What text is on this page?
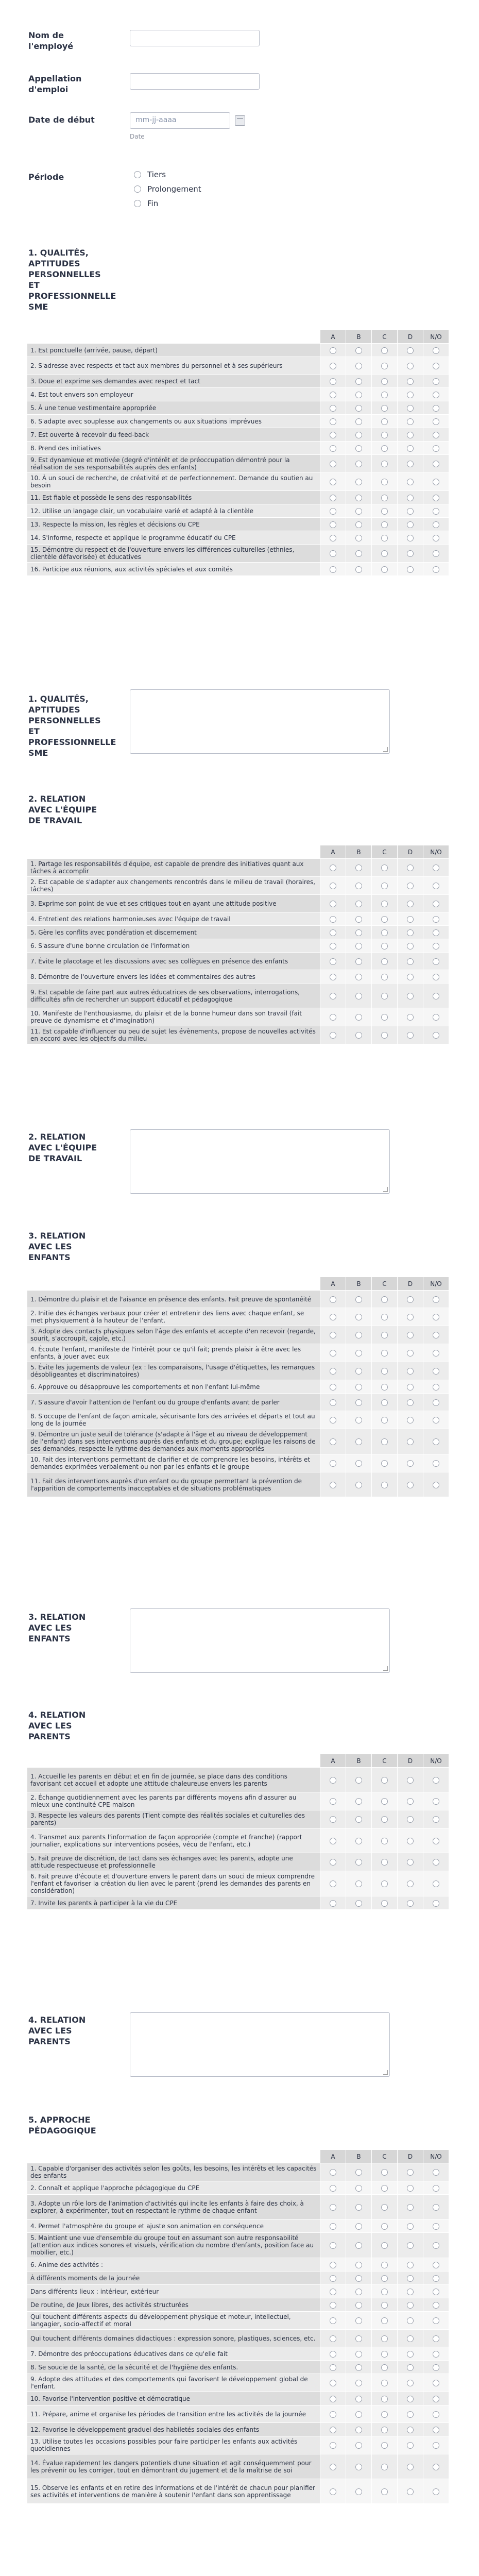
Nom de l'employé
Appellation d'emploi
Date de début	mm-jj-aaaa
Date
Période	Tiers
Prolongement
Fin
1. QUALITÉS,
APTITUDES
PERSONNELLES
ET
PROFESSIONNELLE
SME
	A	B	C	D	N/O
1. Est ponctuelle (arrivée, pause, départ)					
2. S'adresse avec respects et tact aux membres du personnel et à ses supérieurs					
3. Doue et exprime ses demandes avec respect et tact					
4. Est tout envers son employeur					
5. À une tenue vestimentaire appropriée					
6. S'adapte avec souplesse aux changements ou aux situations imprévues					
7. Est ouverte à recevoir du feed-back					
8. Prend des initiatives					
9. Est dynamique et motivée (degré d'intérêt et de préoccupation démontré pour la réalisation de ses responsabilités auprès des enfants)					
10. À un souci de recherche, de créativité et de perfectionnement. Demande du soutien au besoin					
11. Est fiable et possède le sens des responsabilités					
12. Utilise un langage clair, un vocabulaire varié et adapté à la clientèle					
13. Respecte la mission, les règles et décisions du CPE					
14. S'informe, respecte et applique le programme éducatif du CPE					
15. Démontre du respect et de l'ouverture envers les différences culturelles (ethnies, clientèle défavorisée) et éducatives					
16. Participe aux réunions, aux activités spéciales et aux comités					
1. QUALITÉS,
APTITUDES
PERSONNELLES
ET
PROFESSIONNELLE
SME
2. RELATION
AVEC L'ÉQUIPE
DE TRAVAIL
	A	B	C	D	N/O
1. Partage les responsabilités d'équipe, est capable de prendre des initiatives quant aux tâches à accomplir					
2. Est capable de s'adapter aux changements rencontrés dans le milieu de travail (horaires, tâches)					
3. Exprime son point de vue et ses critiques tout en ayant une attitude positive					
4. Entretient des relations harmonieuses avec l'équipe de travail					
5. Gère les conflits avec pondération et discernement					
6. S'assure d'une bonne circulation de l'information					
7. Évite le placotage et les discussions avec ses collègues en présence des enfants					
8. Démontre de l'ouverture envers les idées et commentaires des autres					
9. Est capable de faire part aux autres éducatrices de ses observations, interrogations, difficultés afin de rechercher un support éducatif et pédagogique					
10. Manifeste de l'enthousiasme, du plaisir et de la bonne humeur dans son travail (fait preuve de dynamisme et d'imagination)					
11. Est capable d'influencer ou peu de sujet les évènements, propose de nouvelles activités en accord avec les objectifs du milieu					
2. RELATION
AVEC L'ÉQUIPE
DE TRAVAIL
3. RELATION
AVEC LES
ENFANTS
	A	B	C	D	N/O
1. Démontre du plaisir et de l'aisance en présence des enfants. Fait preuve de spontanéité					
2. Initie des échanges verbaux pour créer et entretenir des liens avec chaque enfant, se met physiquement à la hauteur de l'enfant.					
3. Adopte des contacts physiques selon l'âge des enfants et accepte d'en recevoir (regarde, sourit, s'accroupit, cajole, etc.)					
4. Écoute l'enfant, manifeste de l'intérêt pour ce qu'il fait; prends plaisir à être avec les enfants, à jouer avec eux					
5. Évite les jugements de valeur (ex : les comparaisons, l'usage d'étiquettes, les remarques désobligeantes et discriminatoires)					
6. Approuve ou désapprouve les comportements et non l'enfant lui-même					
7. S'assure d'avoir l'attention de l'enfant ou du groupe d'enfants avant de parler					
8. S'occupe de l'enfant de façon amicale, sécurisante lors des arrivées et départs et tout au long de la journée					
9. Démontre un juste seuil de tolérance (s'adapte à l'âge et au niveau de développement de l'enfant) dans ses interventions auprès des enfants et du groupe; explique les raisons de ses demandes, respecte le rythme des demandes aux moments appropriés					
10. Fait des interventions permettant de clarifier et de comprendre les besoins, intérêts et demandes exprimées verbalement ou non par les enfants et le groupe					
11. Fait des interventions auprès d'un enfant ou du groupe permettant la prévention de l'apparition de comportements inacceptables et de situations problématiques					
3. RELATION
AVEC LES
ENFANTS
4. RELATION
AVEC LES
PARENTS
	A	B	C	D	N/O
1. Accueille les parents en début et en fin de journée, se place dans des conditions favorisant cet accueil et adopte une attitude chaleureuse envers les parents					
2. Échange quotidiennement avec les parents par différents moyens afin d'assurer au mieux une continuité CPE-maison					
3. Respecte les valeurs des parents (Tient compte des réalités sociales et culturelles des parents)					
4. Transmet aux parents l'information de façon appropriée (compte et franche) (rapport journalier, explications sur interventions posées, vécu de l'enfant, etc.)					
5. Fait preuve de discrétion, de tact dans ses échanges avec les parents, adopte une attitude respectueuse et professionnelle					
6. Fait preuve d'écoute et d'ouverture envers le parent dans un souci de mieux comprendre l'enfant et favoriser la création du lien avec le parent (prend les demandes des parents en considération)					
7. Invite les parents à participer à la vie du CPE					
4. RELATION
AVEC LES
PARENTS
5. APPROCHE
PÉDAGOGIQUE
	A	B	C	D	N/O
1. Capable d'organiser des activités selon les goûts, les besoins, les intérêts et les capacités des enfants					
2. Connaît et applique l'approche pédagogique du CPE					
3. Adopte un rôle lors de l'animation d'activités qui incite les enfants à faire des choix, à explorer, à expérimenter, tout en respectant le rythme de chaque enfant					
4. Permet l'atmosphère du groupe et ajuste son animation en conséquence					
5. Maintient une vue d'ensemble du groupe tout en assumant son autre responsabilité (attention aux indices sonores et visuels, vérification du nombre d'enfants, position face au mobilier, etc.)					
6. Anime des activités :					
À différents moments de la journée					
Dans différents lieux : intérieur, extérieur					
De routine, de Jeux libres, des activités structurées					
Qui touchent différents aspects du développement physique et moteur, intellectuel, langagier, socio-affectif et moral					
Qui touchent différents domaines didactiques : expression sonore, plastiques, sciences, etc.					
7. Démontre des préoccupations éducatives dans ce qu'elle fait					
8. Se soucie de la santé, de la sécurité et de l'hygiène des enfants.					
9. Adopte des attitudes et des comportements qui favorisent le développement global de l'enfant.					
10. Favorise l'intervention positive et démocratique					
11. Prépare, anime et organise les périodes de transition entre les activités de la journée					
12. Favorise le développement graduel des habiletés sociales des enfants					
13. Utilise toutes les occasions possibles pour faire participer les enfants aux activités quotidiennes					
14. Évalue rapidement les dangers potentiels d'une situation et agit conséquemment pour les prévenir ou les corriger, tout en démontrant du jugement et de la maîtrise de soi					
15. Observe les enfants et en retire des informations et de l'intérêt de chacun pour planifier ses activités et interventions de manière à soutenir l'enfant dans son apprentissage					
